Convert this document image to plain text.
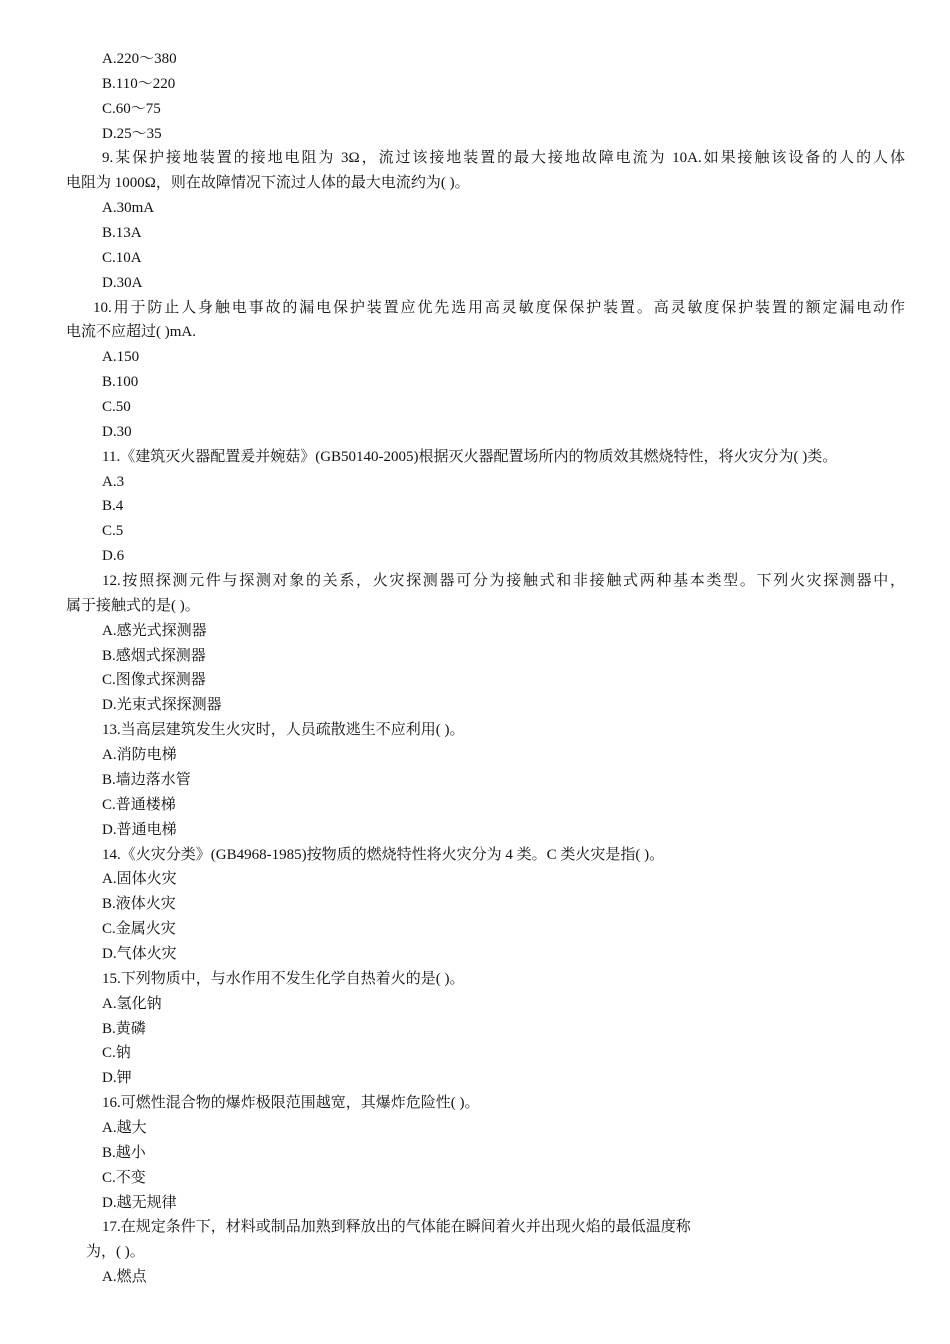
A.220～380
B.110～220
C.60～75
D.25～35
9.某保护接地装置的接地电阻为 3Ω，流过该接地装置的最大接地故障电流为 10A.如果接触该设备的人的人体
电阻为 1000Ω，则在故障情况下流过人体的最大电流约为( )。
A.30mA
B.13A
C.10A
D.30A
10.用于防止人身触电事故的漏电保护装置应优先选用高灵敏度保保护装置。高灵敏度保护装置的额定漏电动作
电流不应超过( )mA.
A.150
B.100
C.50
D.30
11.《建筑灭火器配置爰并婉菇》(GB50140-2005)根据灭火器配置场所内的物质效其燃烧特性，将火灾分为( )类。
A.3
B.4
C.5
D.6
12.按照探测元件与探测对象的关系，火灾探测器可分为接触式和非接触式两种基本类型。下列火灾探测器中，
属于接触式的是( )。
A.感光式探测器
B.感烟式探测器
C.图像式探测器
D.光束式探探测器
13.当高层建筑发生火灾时，人员疏散逃生不应利用( )。
A.消防电梯
B.墙边落水管
C.普通楼梯
D.普通电梯
14.《火灾分类》(GB4968-1985)按物质的燃烧特性将火灾分为 4 类。C 类火灾是指( )。
A.固体火灾
B.液体火灾
C.金属火灾
D.气体火灾
15.下列物质中，与水作用不发生化学自热着火的是( )。
A.氢化钠
B.黄磷
C.钠
D.钾
16.可燃性混合物的爆炸极限范围越宽，其爆炸危险性( )。
A.越大
B.越小
C.不变
D.越无规律
17.在规定条件下，材料或制品加熟到释放出的气体能在瞬间着火并出现火焰的最低温度称
为，( )。
A.燃点
